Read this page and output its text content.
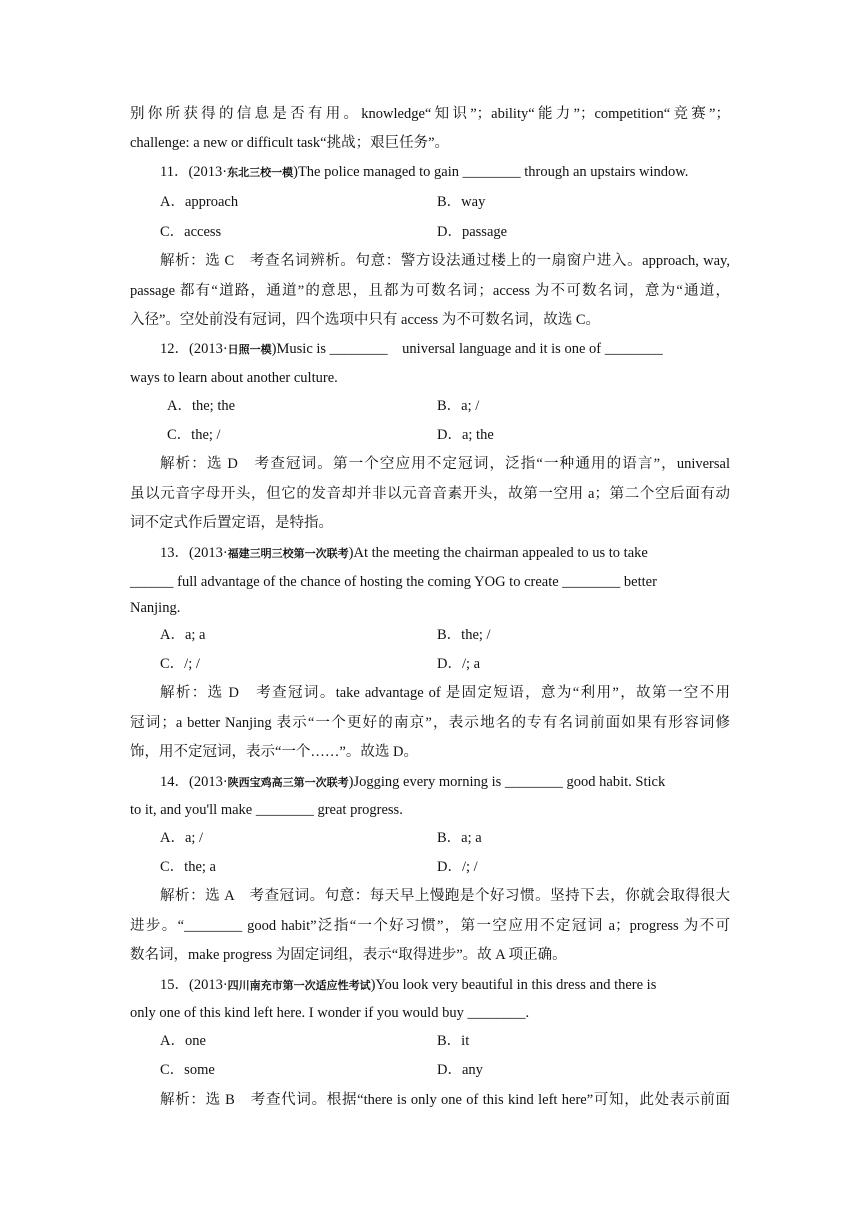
别你所获得的信息是否有用。knowledge“知识”；ability“能力”；competition“竞赛”；
challenge: a new or difficult task“挑战；艰巨任务”。
11．(2013·东北三校一模)The police managed to gain ________ through an upstairs window.
A．approach	B．way
C．access	D．passage
解析：选 C　考查名词辨析。句意：警方设法通过楼上的一扇窗户进入。approach, way,
passage 都有“道路，通道”的意思，且都为可数名词；access 为不可数名词，意为“通道，
入径”。空处前没有冠词，四个选项中只有 access 为不可数名词，故选 C。
12．(2013·日照一模)Music is ________　universal language and it is one of ________
ways to learn about another culture.
A．the; the	B．a; /
C．the; /	D．a; the
解析：选 D　考查冠词。第一个空应用不定冠词，泛指“一种通用的语言”，universal
虽以元音字母开头，但它的发音却并非以元音音素开头，故第一空用 a；第二个空后面有动
词不定式作后置定语，是特指。
13．(2013·福建三明三校第一次联考)At the meeting the chairman appealed to us to take
______ full advantage of the chance of hosting the coming YOG to create ________ better
Nanjing.
A．a; a	B．the; /
C．/; /	D．/; a
解析：选 D　考查冠词。take advantage of 是固定短语，意为“利用”，故第一空不用
冠词；a better Nanjing 表示“一个更好的南京”，表示地名的专有名词前面如果有形容词修
饰，用不定冠词，表示“一个……”。故选 D。
14．(2013·陕西宝鸡高三第一次联考)Jogging every morning is ________ good habit. Stick
to it, and you'll make ________ great progress.
A．a; /	B．a; a
C．the; a	D．/; /
解析：选 A　考查冠词。句意：每天早上慢跑是个好习惯。坚持下去，你就会取得很大
进步。“________ good habit”泛指“一个好习惯”，第一空应用不定冠词 a；progress 为不可
数名词，make progress 为固定词组，表示“取得进步”。故 A 项正确。
15．(2013·四川南充市第一次适应性考试)You look very beautiful in this dress and there is
only one of this kind left here. I wonder if you would buy ________.
A．one	B．it
C．some	D．any
解析：选 B　考查代词。根据“there is only one of this kind left here”可知，此处表示前面
